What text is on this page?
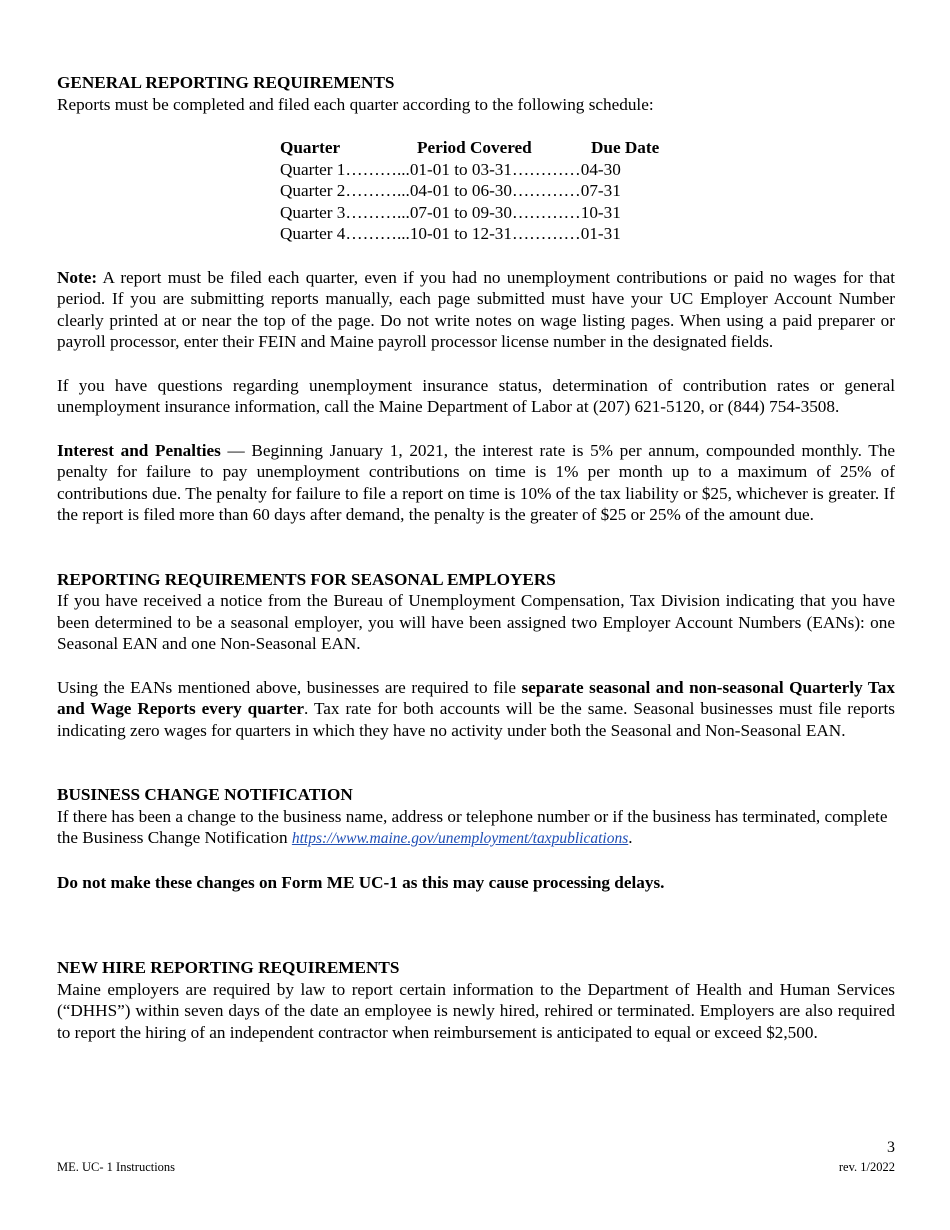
GENERAL REPORTING REQUIREMENTS

Reports must be completed and filed each quarter according to the following schedule:

Quarter	Period Covered	Due Date
Quarter 1………...01-01 to 03-31…………04-30
Quarter 2………...04-01 to 06-30…………07-31
Quarter 3………...07-01 to 09-30…………10-31
Quarter 4………...10-01 to 12-31…………01-31

Note: A report must be filed each quarter, even if you had no unemployment contributions or paid no wages for that period. If you are submitting reports manually, each page submitted must have your UC Employer Account Number clearly printed at or near the top of the page. Do not write notes on wage listing pages. When using a paid preparer or payroll processor, enter their FEIN and Maine payroll processor license number in the designated fields.

If you have questions regarding unemployment insurance status, determination of contribution rates or general unemployment insurance information, call the Maine Department of Labor at (207) 621-5120, or (844) 754-3508.

Interest and Penalties — Beginning January 1, 2021, the interest rate is 5% per annum, compounded monthly. The penalty for failure to pay unemployment contributions on time is 1% per month up to a maximum of 25% of contributions due. The penalty for failure to file a report on time is 10% of the tax liability or $25, whichever is greater. If the report is filed more than 60 days after demand, the penalty is the greater of $25 or 25% of the amount due.

REPORTING REQUIREMENTS FOR SEASONAL EMPLOYERS

If you have received a notice from the Bureau of Unemployment Compensation, Tax Division indicating that you have been determined to be a seasonal employer, you will have been assigned two Employer Account Numbers (EANs): one Seasonal EAN and one Non-Seasonal EAN.

Using the EANs mentioned above, businesses are required to file separate seasonal and non-seasonal Quarterly Tax and Wage Reports every quarter. Tax rate for both accounts will be the same. Seasonal businesses must file reports indicating zero wages for quarters in which they have no activity under both the Seasonal and Non-Seasonal EAN.

BUSINESS CHANGE NOTIFICATION

If there has been a change to the business name, address or telephone number or if the business has terminated, complete the Business Change Notification https://www.maine.gov/unemployment/taxpublications.

Do not make these changes on Form ME UC-1 as this may cause processing delays.

NEW HIRE REPORTING REQUIREMENTS

Maine employers are required by law to report certain information to the Department of Health and Human Services (“DHHS”) within seven days of the date an employee is newly hired, rehired or terminated. Employers are also required to report the hiring of an independent contractor when reimbursement is anticipated to equal or exceed $2,500.

3
ME. UC- 1 Instructions	rev. 1/2022
